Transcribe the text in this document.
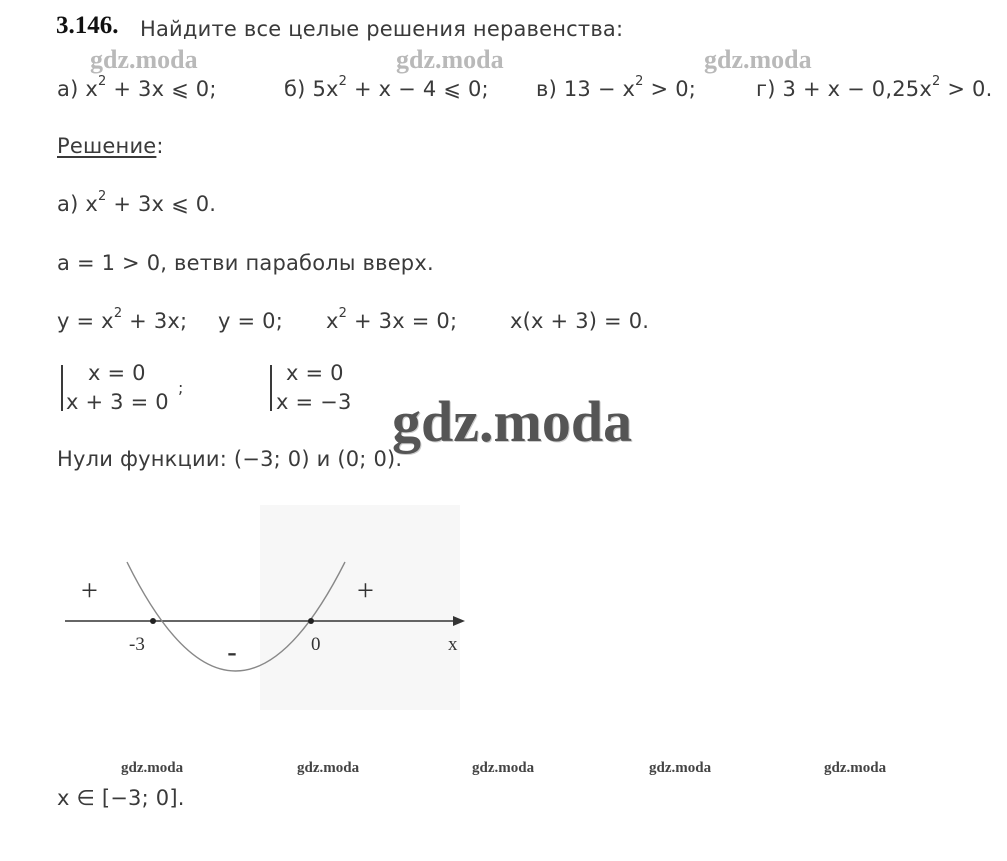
3.146. Найдите все целые решения неравенства:
gdz.moda	gdz.moda	gdz.moda
а) $x^2 + 3x$ ⩽ 0;	б) $5x^2 + x - 4$ ⩽ 0; в) $13 - x^2 > 0$;	г) $3 + x - 0,25x^2 > 0$.
Решение:
а) $x^2 + 3x$ ⩽ 0.
a = 1 > 0, ветви параболы вверх.
$y = x^2 + 3x$; y = 0; $x^2 + 3x = 0$;	x(x + 3) = 0.
x = 0
x + 3 = 0
;
x = 0
x = −3 gdz.moda
Нули функции: (−3; 0) и (0; 0).
+
-
+
-3	0	x
gdz.moda	gdz.moda	gdz.moda	gdz.moda	gdz.moda
x ∈ [−3; 0].
